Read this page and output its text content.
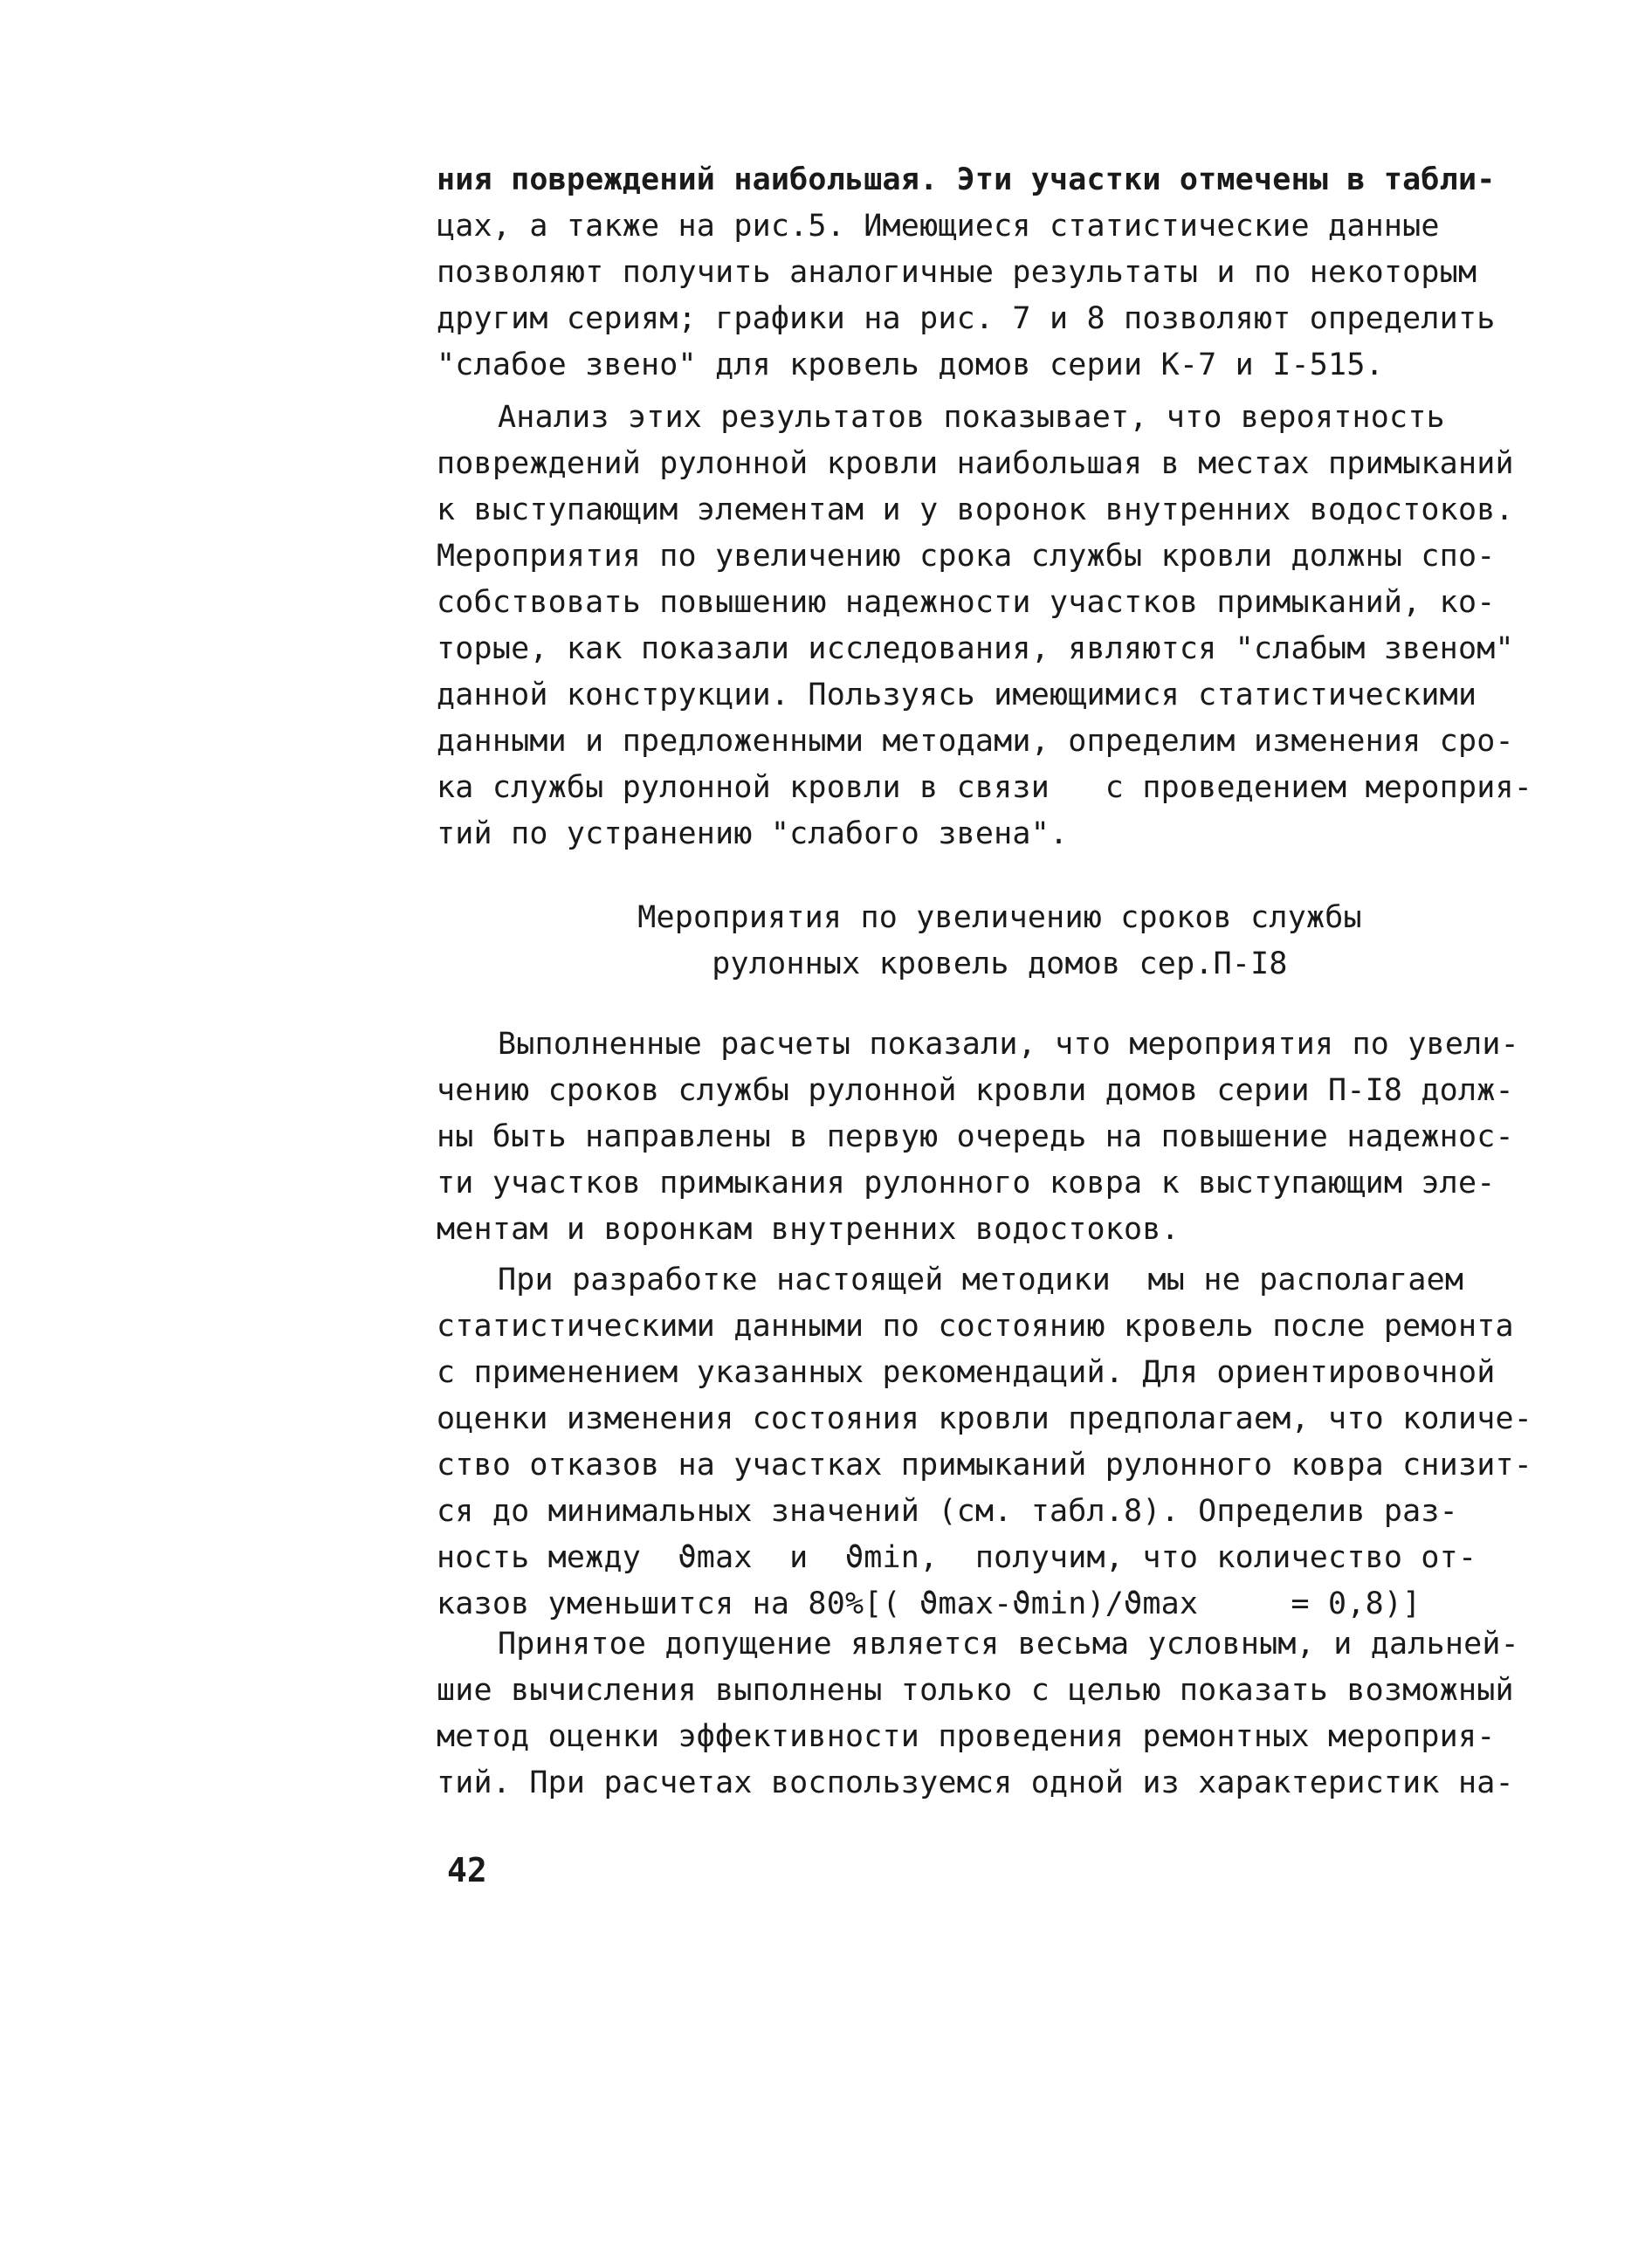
ния повреждений наибольшая. Эти участки отмечены в табли-
цах, а также на рис.5. Имеющиеся статистические данные
позволяют получить аналогичные результаты и по некоторым
другим сериям; графики на рис. 7 и 8 позволяют определить
"слабое звено" для кровель домов серии К-7 и I-515.
Анализ этих результатов показывает, что вероятность
повреждений рулонной кровли наибольшая в местах примыканий
к выступающим элементам и у воронок внутренних водостоков.
Мероприятия по увеличению срока службы кровли должны спо-
собствовать повышению надежности участков примыканий, ко-
торые, как показали исследования, являются "слабым звеном"
данной конструкции. Пользуясь имеющимися статистическими
данными и предложенными методами, определим изменения сро-
ка службы рулонной кровли в связи   с проведением мероприя-
тий по устранению "слабого звена".
Мероприятия по увеличению сроков службы
рулонных кровель домов сер.П-I8
Выполненные расчеты показали, что мероприятия по увели-
чению сроков службы рулонной кровли домов серии П-I8 долж-
ны быть направлены в первую очередь на повышение надежнос-
ти участков примыкания рулонного ковра к выступающим эле-
ментам и воронкам внутренних водостоков.
При разработке настоящей методики  мы не располагаем
статистическими данными по состоянию кровель после ремонта
с применением указанных рекомендаций. Для ориентировочной
оценки изменения состояния кровли предполагаем, что количе-
ство отказов на участках примыканий рулонного ковра снизит-
ся до минимальных значений (см. табл.8). Определив раз-
ность между  ϑmax  и  ϑmin,  получим, что количество от-
казов уменьшится на 80%[( ϑmax-ϑmin)/ϑmax     = 0,8)]
Принятое допущение является весьма условным, и дальней-
шие вычисления выполнены только с целью показать возможный
метод оценки эффективности проведения ремонтных мероприя-
тий. При расчетах воспользуемся одной из характеристик на-
42
